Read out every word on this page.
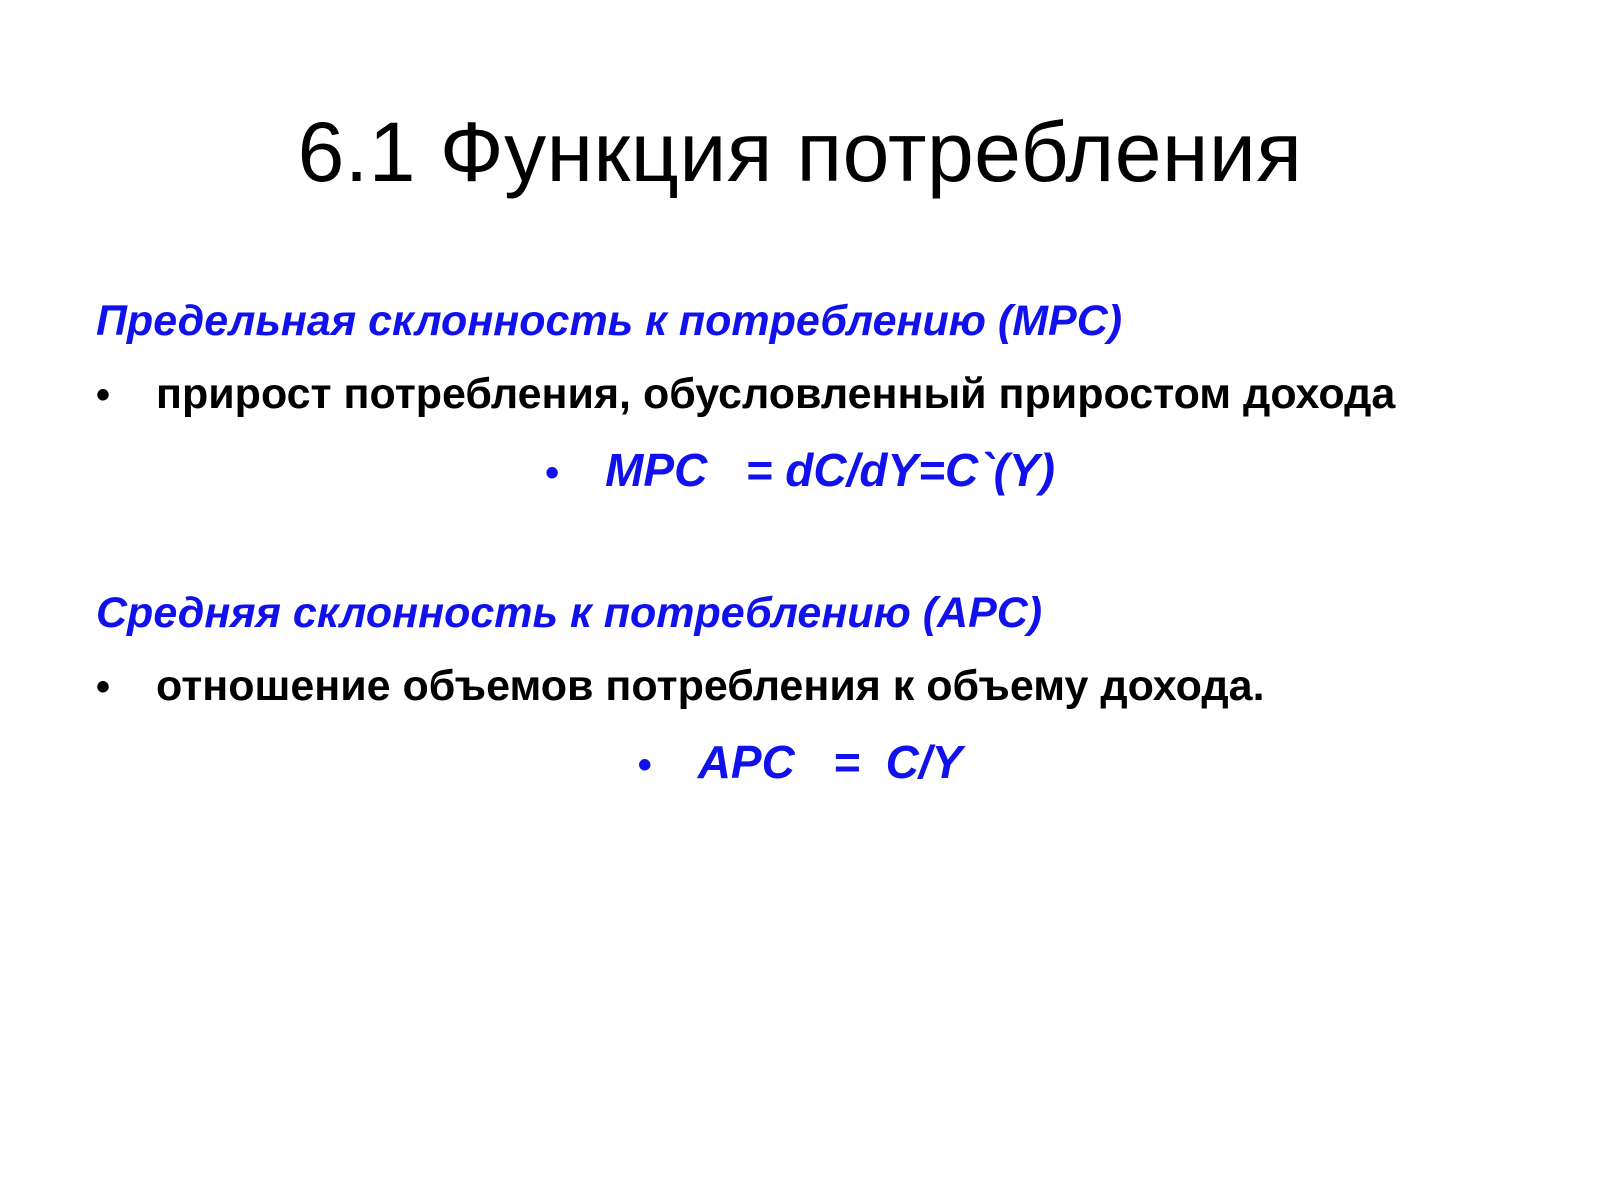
6.1 Функция потребления
Предельная склонность к потреблению (MPC)
•	прирост потребления, обусловленный приростом дохода
• MPC   = dC/dY=C`(Y)
Средняя склонность к потреблению (APC)
•	отношение объемов потребления к объему дохода.
• APC   =  C/Y
